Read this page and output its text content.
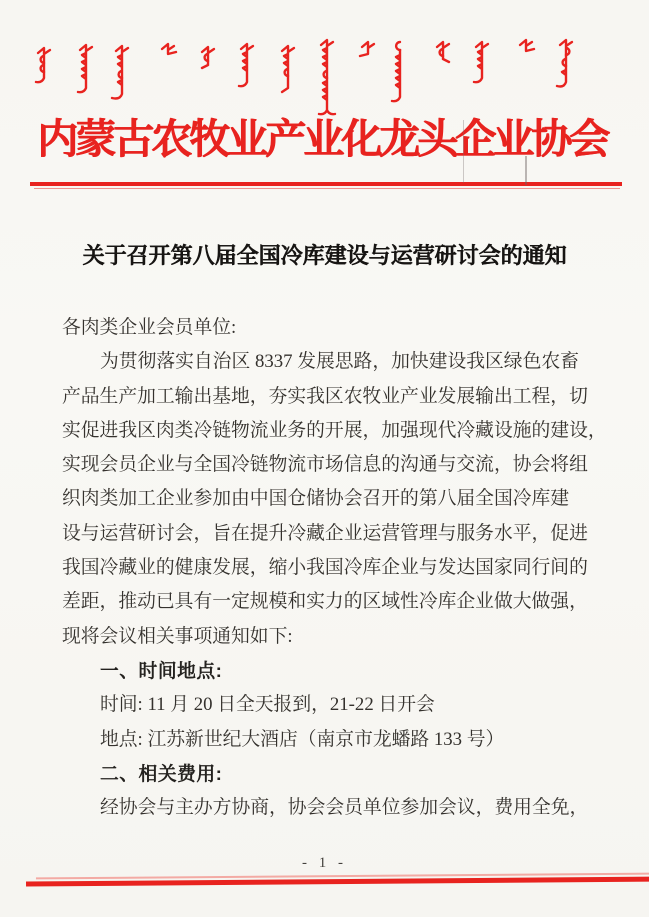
内蒙古农牧业产业化龙头企业协会
关于召开第八届全国冷库建设与运营研讨会的通知
各肉类企业会员单位:
为贯彻落实自治区 8337 发展思路，加快建设我区绿色农畜
产品生产加工输出基地，夯实我区农牧业产业发展输出工程，切
实促进我区肉类冷链物流业务的开展，加强现代冷藏设施的建设，
实现会员企业与全国冷链物流市场信息的沟通与交流，协会将组
织肉类加工企业参加由中国仓储协会召开的第八届全国冷库建
设与运营研讨会，旨在提升冷藏企业运营管理与服务水平，促进
我国冷藏业的健康发展，缩小我国冷库企业与发达国家同行间的
差距，推动已具有一定规模和实力的区域性冷库企业做大做强，
现将会议相关事项通知如下:
一、时间地点:
时间: 11 月 20 日全天报到，21-22 日开会
地点: 江苏新世纪大酒店（南京市龙蟠路 133 号）
二、相关费用:
经协会与主办方协商，协会会员单位参加会议，费用全免，
- 1 -
